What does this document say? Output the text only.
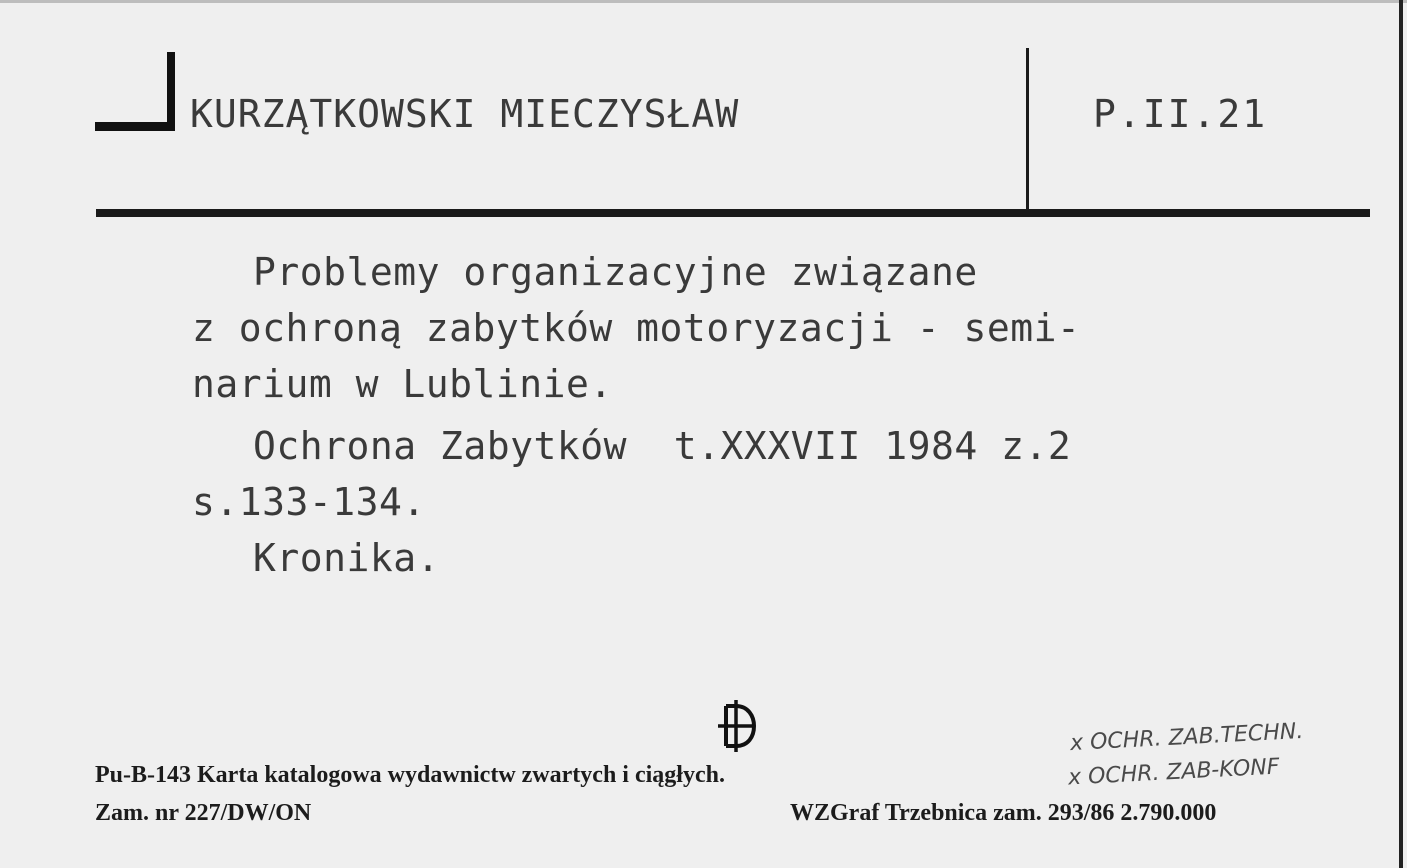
KURZĄTKOWSKI MIECZYSŁAW	P.II.21
Problemy organizacyjne związane
z ochroną zabytków motoryzacji - semi-
narium w Lublinie.
Ochrona Zabytków  t.XXXVII 1984 z.2
s.133-134.
Kronika.
x OCHR. ZAB.TECHN.
x OCHR. ZAB-KONF
Pu-B-143 Karta katalogowa wydawnictw zwartych i ciągłych.
Zam. nr 227/DW/ON	WZGraf Trzebnica zam. 293/86 2.790.000
